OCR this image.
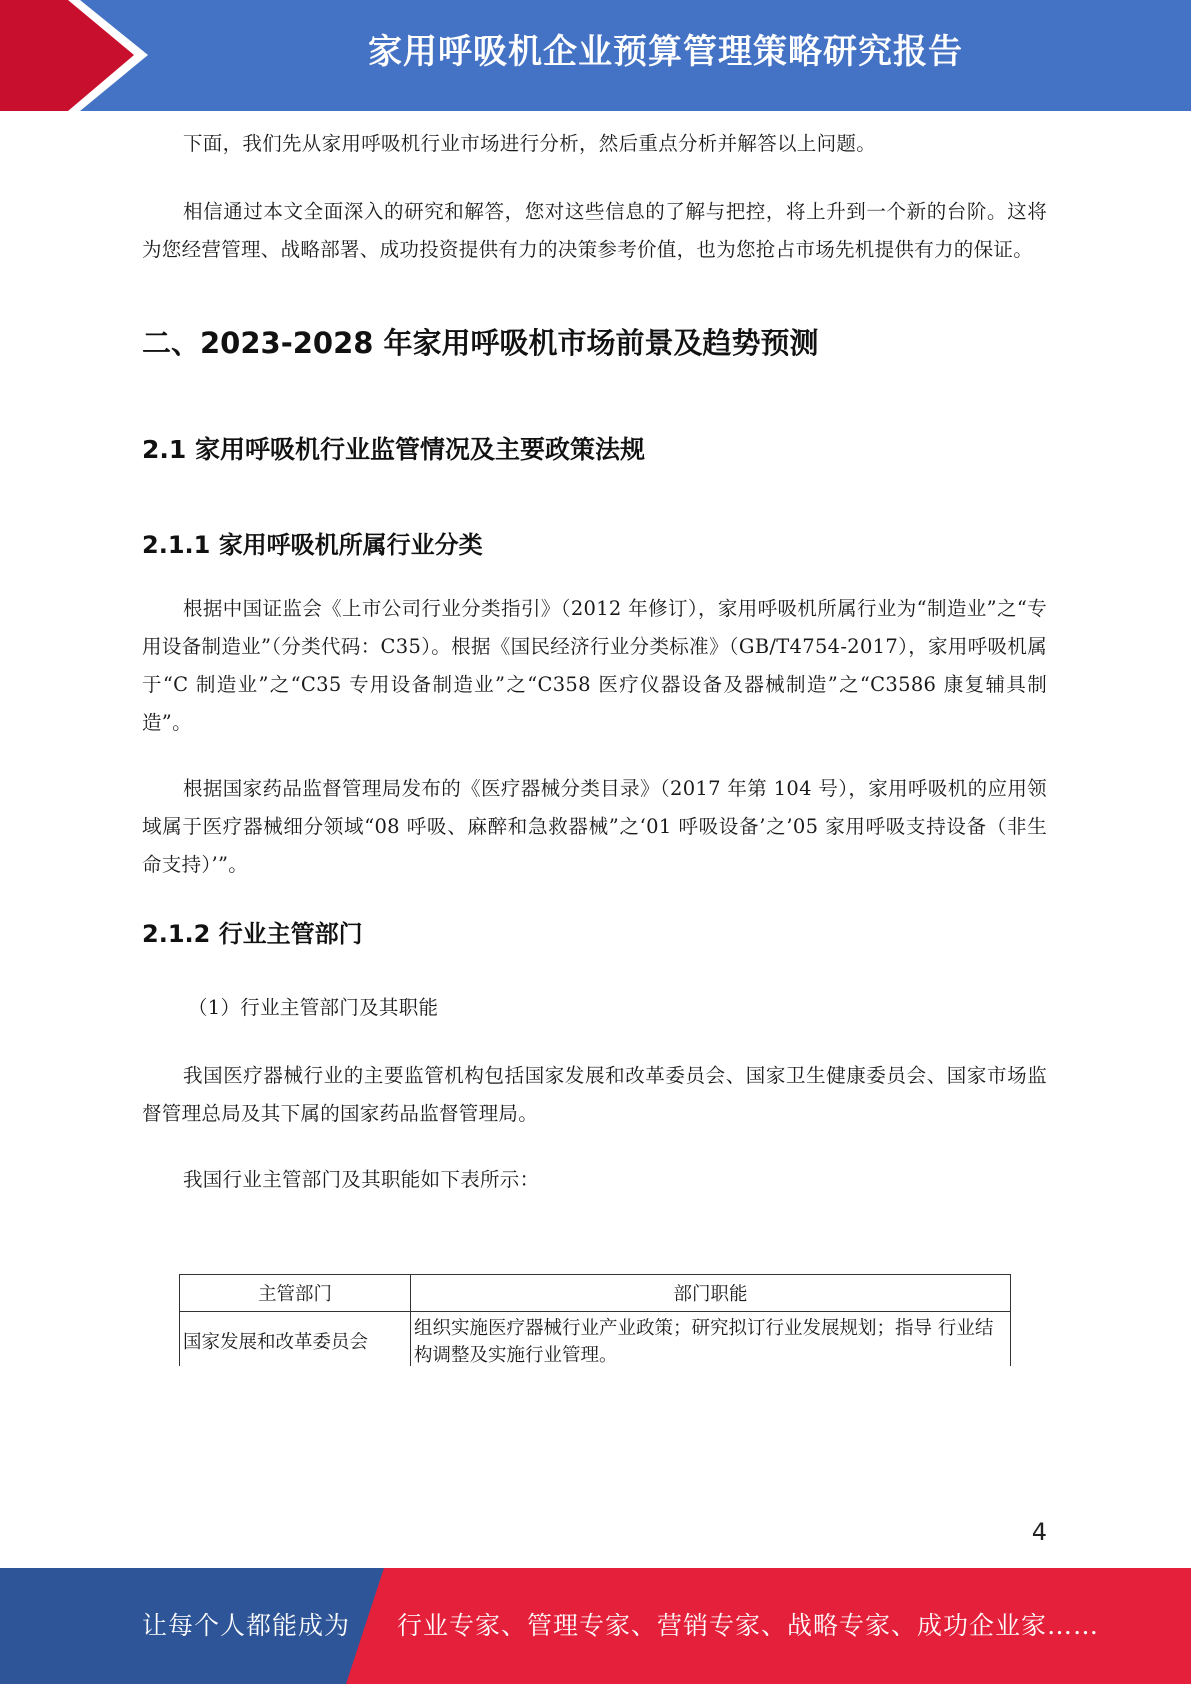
家用呼吸机企业预算管理策略研究报告

下面，我们先从家用呼吸机行业市场进行分析，然后重点分析并解答以上问题。

相信通过本文全面深入的研究和解答，您对这些信息的了解与把控，将上升到一个新的台阶。这将为您经营管理、战略部署、成功投资提供有力的决策参考价值，也为您抢占市场先机提供有力的保证。

二、2023-2028 年家用呼吸机市场前景及趋势预测
2.1 家用呼吸机行业监管情况及主要政策法规
2.1.1 家用呼吸机所属行业分类

根据中国证监会《上市公司行业分类指引》（2012 年修订），家用呼吸机所属行业为“制造业”之“专用设备制造业”（分类代码：C35）。根据《国民经济行业分类标准》（GB/T4754-2017），家用呼吸机属于“C 制造业”之“C35 专用设备制造业”之“C358 医疗仪器设备及器械制造”之“C3586 康复辅具制造”。

根据国家药品监督管理局发布的《医疗器械分类目录》（2017 年第 104 号），家用呼吸机的应用领域属于医疗器械细分领域“08 呼吸、麻醉和急救器械”之‘01 呼吸设备’之’05 家用呼吸支持设备（非生命支持）’”。

2.1.2 行业主管部门

（1）行业主管部门及其职能

我国医疗器械行业的主要监管机构包括国家发展和改革委员会、国家卫生健康委员会、国家市场监督管理总局及其下属的国家药品监督管理局。

我国行业主管部门及其职能如下表所示：

主管部门	部门职能
国家发展和改革委员会	组织实施医疗器械行业产业政策；研究拟订行业发展规划；指导 行业结构调整及实施行业管理。
4
让每个人都能成为 行业专家、管理专家、营销专家、战略专家、成功企业家……
